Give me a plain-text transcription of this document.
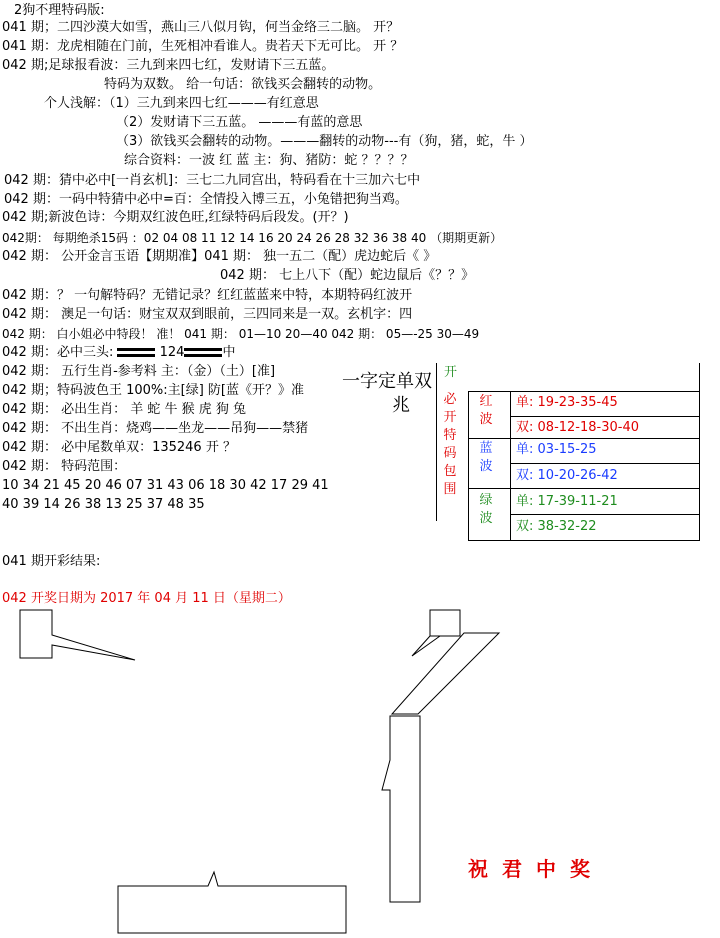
2狗不理特码版:
041 期；二四沙漠大如雪，燕山三八似月钩，何当金络三二脑。 开？
041 期：龙虎相随在门前，生死相冲看谁人。贵若天下无可比。 开 ？
042 期;足球报看波：三九到来四七红，发财请下三五蓝。
特码为双数。 给一句话：欲钱买会翻转的动物。
个人浅解：（1）三九到来四七红———有红意思
（2）发财请下三五蓝。 ———有蓝的意思
（3）欲钱买会翻转的动物。———翻转的动物---有（狗，猪，蛇，牛 ）
综合资料：一波 红 蓝 主：狗、猪防：蛇 ？？？？
042 期：猜中必中[一肖玄机]：三七二九同宫出，特码看在十三加六七中
042 期：一码中特猜中必中=百：全情投入博三五，小兔错把狗当鸡。
042 期;新波色诗：今期双红波色旺,红绿特码后段发。(开？)
042期： 每期绝杀15码 ：02 04 08 11 12 14 16 20 24 26 28 32 36 38 40 （期期更新）
042 期： 公开金言玉语【期期准】041 期： 独一五二（配）虎边蛇后《 》
042 期： 七上八下（配）蛇边鼠后《？？》
042 期：？ 一句解特码？无错记录？红红蓝蓝来中特，本期特码红波开
042 期： 澳足一句话：财宝双双到眼前，三四同来是一双。玄机字：四
042 期： 白小姐必中特段！ 准！ 041 期： 01—10 20—40 042 期： 05—-25 30—49
042 期：必中三头:	124	中
042 期： 五行生肖-参考料 主：（金）（土）[准]
042 期；特码波色王 100%:主[绿] 防[蓝《开？》准
042 期： 必出生肖： 羊 蛇 牛 猴 虎 狗 兔
042 期： 不出生肖：烧鸡——坐龙——吊狗——禁猪
042 期： 必中尾数单双：135246 开 ？
042 期： 特码范围：
10 34 21 45 20 46 07 31 43 06 18 30 42 17 29 41
40 39 14 26 38 13 25 37 48 35
041 期开彩结果:
042 开奖日期为 2017 年 04 月 11 日（星期二）
一字定单双
兆
开
必开特码包围
红波
单: 19-23-35-45
双: 08-12-18-30-40
蓝波
单: 03-15-25
双: 10-20-26-42
绿波
单: 17-39-11-21
双: 38-32-22
祝君中奖
